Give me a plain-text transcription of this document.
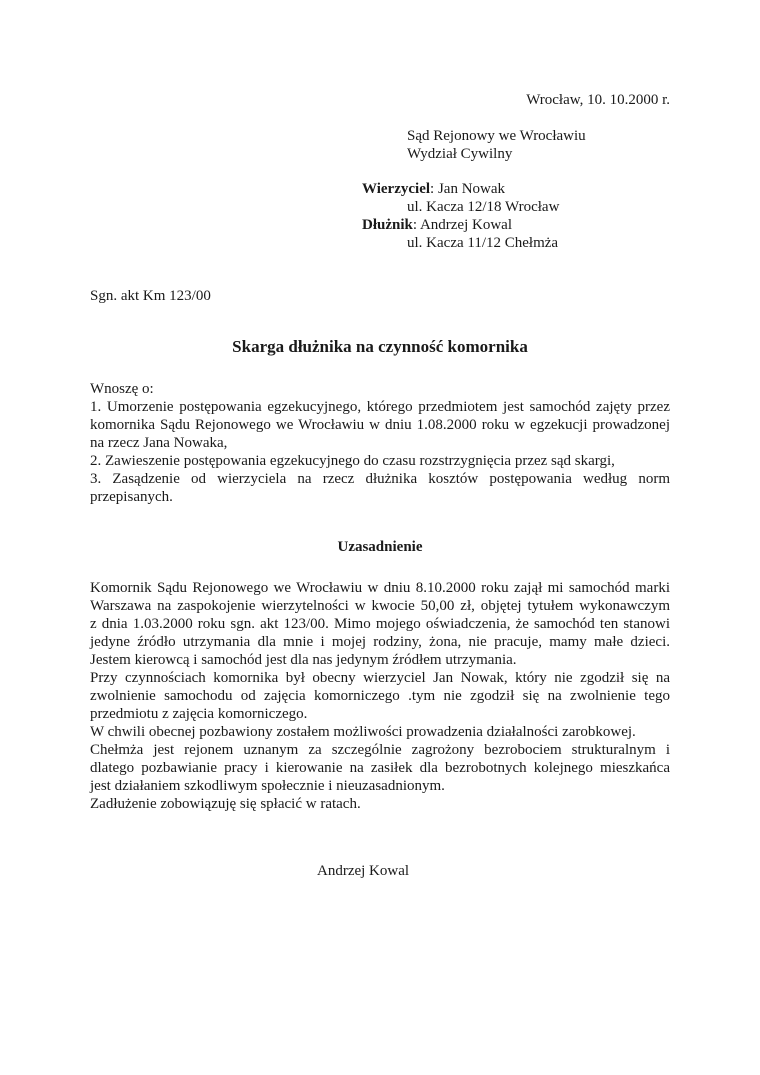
Wrocław, 10. 10.2000 r.
Sąd Rejonowy we Wrocławiu
Wydział Cywilny
Wierzyciel: Jan Nowak
ul. Kacza 12/18 Wrocław
Dłużnik: Andrzej Kowal
ul. Kacza 11/12 Chełmża
Sgn. akt Km 123/00
Skarga dłużnika na czynność komornika
Wnoszę o:
1. Umorzenie postępowania egzekucyjnego, którego przedmiotem jest samochód zajęty przez
komornika Sądu Rejonowego we Wrocławiu w dniu 1.08.2000 roku w egzekucji prowadzonej
na rzecz Jana Nowaka,
2. Zawieszenie postępowania egzekucyjnego do czasu rozstrzygnięcia przez sąd skargi,
3. Zasądzenie od wierzyciela na rzecz dłużnika kosztów postępowania według norm
przepisanych.
Uzasadnienie
Komornik Sądu Rejonowego we Wrocławiu w dniu 8.10.2000 roku zajął mi samochód marki
Warszawa na zaspokojenie wierzytelności w kwocie 50,00 zł, objętej tytułem wykonawczym
z dnia 1.03.2000 roku sgn. akt 123/00. Mimo mojego oświadczenia, że samochód ten stanowi
jedyne źródło utrzymania dla mnie i mojej rodziny, żona, nie pracuje, mamy małe dzieci.
Jestem kierowcą i samochód jest dla nas jedynym źródłem utrzymania.
Przy czynnościach komornika był obecny wierzyciel Jan Nowak, który nie zgodził się na
zwolnienie samochodu od zajęcia komorniczego .tym nie zgodził się na zwolnienie tego
przedmiotu z zajęcia komorniczego.
W chwili obecnej pozbawiony zostałem możliwości prowadzenia działalności zarobkowej.
Chełmża jest rejonem uznanym za szczególnie zagrożony bezrobociem strukturalnym i
dlatego pozbawianie pracy i kierowanie na zasiłek dla bezrobotnych kolejnego mieszkańca
jest działaniem szkodliwym społecznie i nieuzasadnionym.
Zadłużenie zobowiązuję się spłacić w ratach.
Andrzej Kowal
